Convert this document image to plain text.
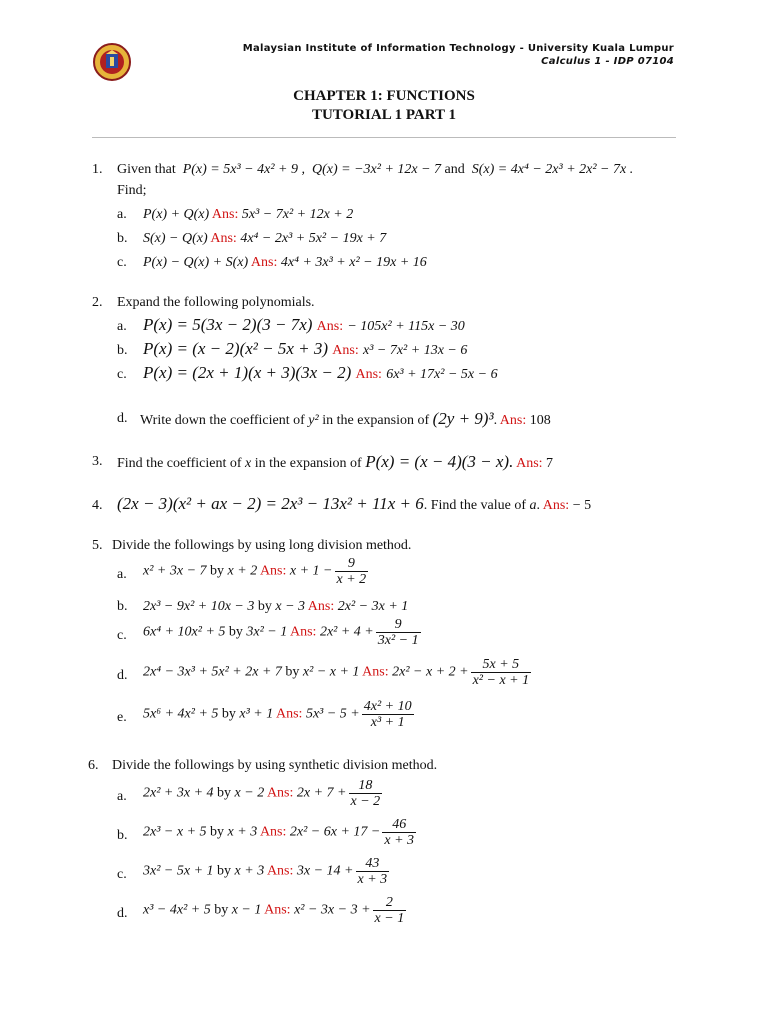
Malaysian Institute of Information Technology - University Kuala Lumpur
Calculus 1 - IDP 07104
CHAPTER 1: FUNCTIONS
TUTORIAL 1 PART 1
1. Given that P(x) = 5x³ − 4x² + 9 , Q(x) = −3x² + 12x − 7 and S(x) = 4x⁴ − 2x³ + 2x² − 7x .
Find;
a. P(x) + Q(x) Ans: 5x³ − 7x² + 12x + 2
b. S(x) − Q(x) Ans: 4x⁴ − 2x³ + 5x² − 19x + 7
c. P(x) − Q(x) + S(x) Ans: 4x⁴ + 3x³ + x² − 19x + 16
2. Expand the following polynomials.
a. P(x) = 5(3x − 2)(3 − 7x) Ans: − 105x² + 115x − 30
b. P(x) = (x − 2)(x² − 5x + 3) Ans: x³ − 7x² + 13x − 6
c. P(x) = (2x + 1)(x + 3)(3x − 2) Ans: 6x³ + 17x² − 5x − 6
d. Write down the coefficient of y² in the expansion of (2y + 9)³. Ans: 108
3. Find the coefficient of x in the expansion of P(x) = (x − 4)(3 − x). Ans: 7
4. (2x − 3)(x² + ax − 2) = 2x³ − 13x² + 11x + 6. Find the value of a. Ans: − 5
5. Divide the followings by using long division method.
a. x² + 3x − 7 by x + 2 Ans: $x + 1 - \frac{9}{x + 2}$
b. 2x³ − 9x² + 10x − 3 by x − 3 Ans: 2x² − 3x + 1
c. 6x⁴ + 10x² + 5 by 3x² − 1 Ans: $2x^2 + 4 + \frac{9}{\text{3x² − 1}}$
d. 2x⁴ − 3x³ + 5x² + 2x + 7 by x² − x + 1 Ans: $2x^2 - x + 2 + \frac{5x + 5}{\text{x² − x + 1}}$
e. 5x⁶ + 4x² + 5 by x³ + 1 Ans: $5x^3 - 5 + \frac{\text{4x² + 10}}{\text{x³ + 1}}$
6. Divide the followings by using synthetic division method.
a. 2x² + 3x + 4 by x − 2 Ans: $2x + 7 + \frac{18}{x - 2}$
b. 2x³ − x + 5 by x + 3 Ans: $2x^2 - 6x + 17 - \frac{46}{x + 3}$
c. 3x² − 5x + 1 by x + 3 Ans: $3x - 14 + \frac{43}{x + 3}$
d. x³ − 4x² + 5 by x − 1 Ans: $x^2 - 3x - 3 + \frac{2}{x - 1}$
